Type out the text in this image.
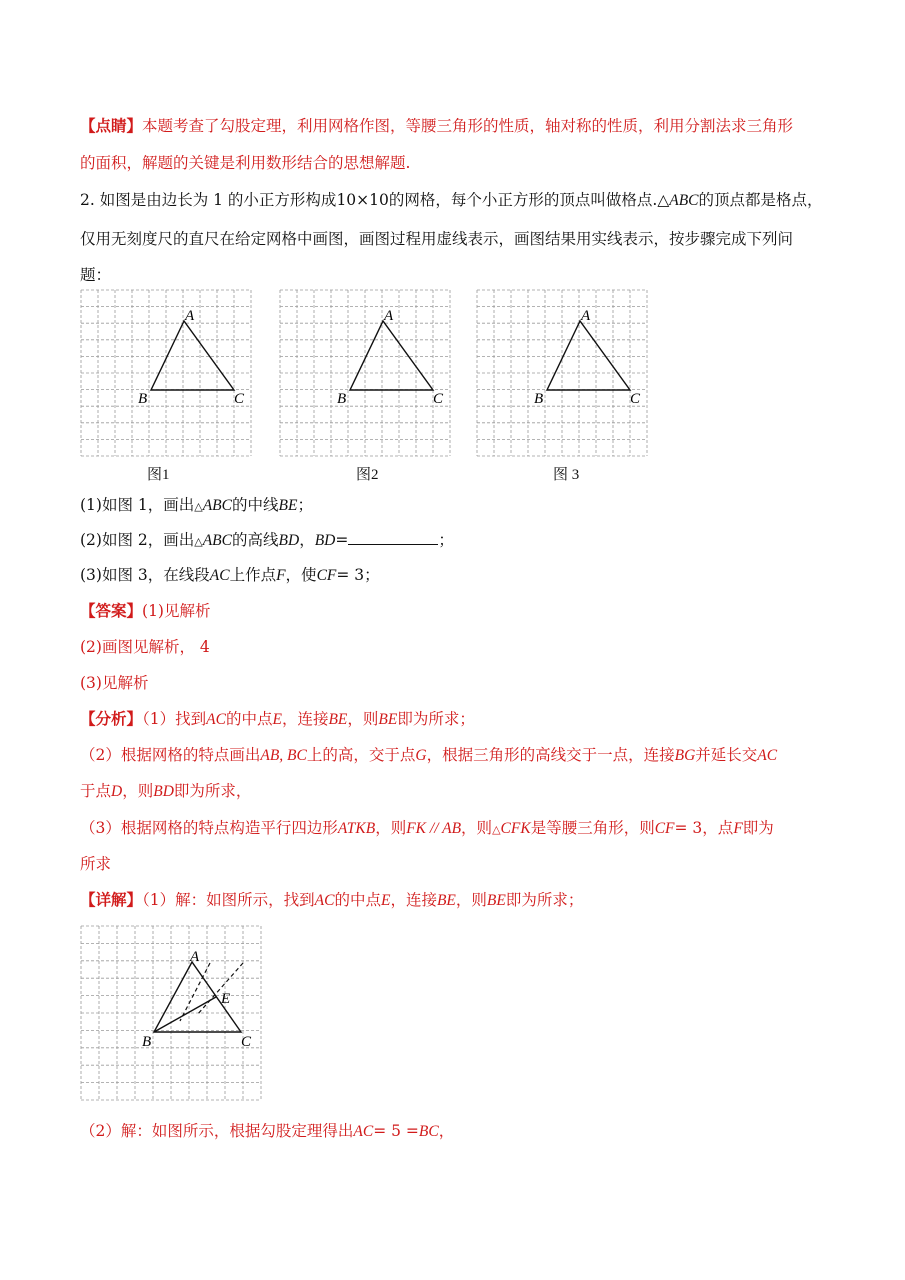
【点睛】本题考查了勾股定理，利用网格作图，等腰三角形的性质，轴对称的性质，利用分割法求三角形
的面积，解题的关键是利用数形结合的思想解题.
2. 如图是由边长为 1 的小正方形构成10×10的网格，每个小正方形的顶点叫做格点.△ABC的顶点都是格点，
仅用无刻度尺的直尺在给定网格中画图，画图过程用虚线表示，画图结果用实线表示，按步骤完成下列问
题：
A
B	C
图1
A
B	C
图2
A
B	C
图 3
(1)如图 1，画出△ABC的中线BE；
(2)如图 2，画出△ABC的高线BD，BD=	；
(3)如图 3，在线段AC上作点F，使CF= 3；
【答案】(1)见解析
(2)画图见解析， 4
(3)见解析
【分析】（1）找到AC的中点E，连接BE，则BE即为所求；
（2）根据网格的特点画出AB, BC上的高，交于点G，根据三角形的高线交于一点，连接BG并延长交AC
于点D，则BD即为所求，
（3）根据网格的特点构造平行四边形ATKB，则FK // AB，则△CFK是等腰三角形，则CF= 3，点F即为
所求
【详解】（1）解：如图所示，找到AC的中点E，连接BE，则BE即为所求；
A
B	C
E
（2）解：如图所示，根据勾股定理得出AC= 5 =BC，
